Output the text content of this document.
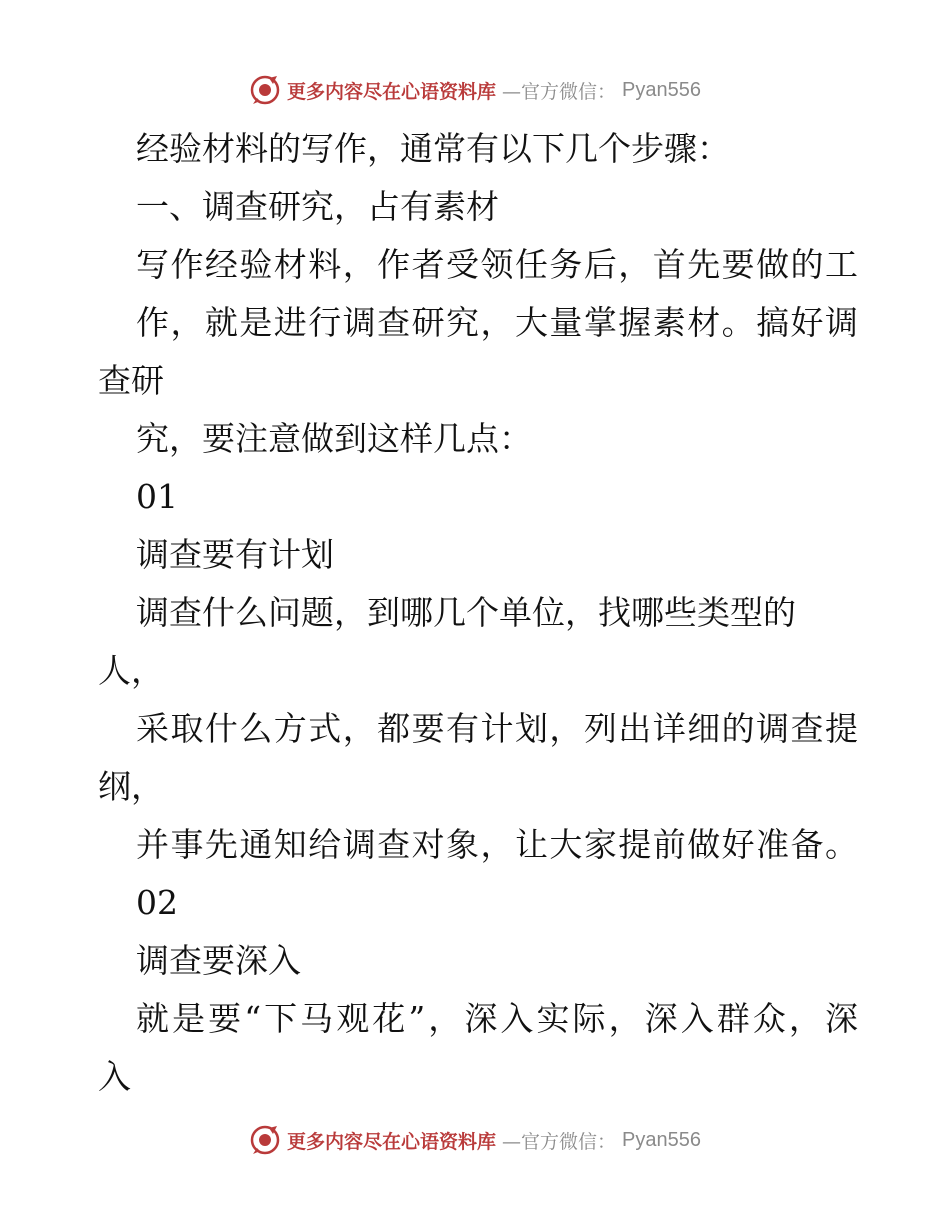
更多内容尽在心语资料库 —官方微信： Pyan556
经验材料的写作，通常有以下几个步骤：
一、调查研究，占有素材
写作经验材料，作者受领任务后，首先要做的工
作，就是进行调查研究，大量掌握素材。搞好调
查研
究，要注意做到这样几点：
01
调查要有计划
调查什么问题，到哪几个单位，找哪些类型的
人，
采取什么方式，都要有计划，列出详细的调查提
纲，
并事先通知给调查对象，让大家提前做好准备。
02
调查要深入
就是要“下马观花”，深入实际，深入群众，深
入
更多内容尽在心语资料库 —官方微信： Pyan556
